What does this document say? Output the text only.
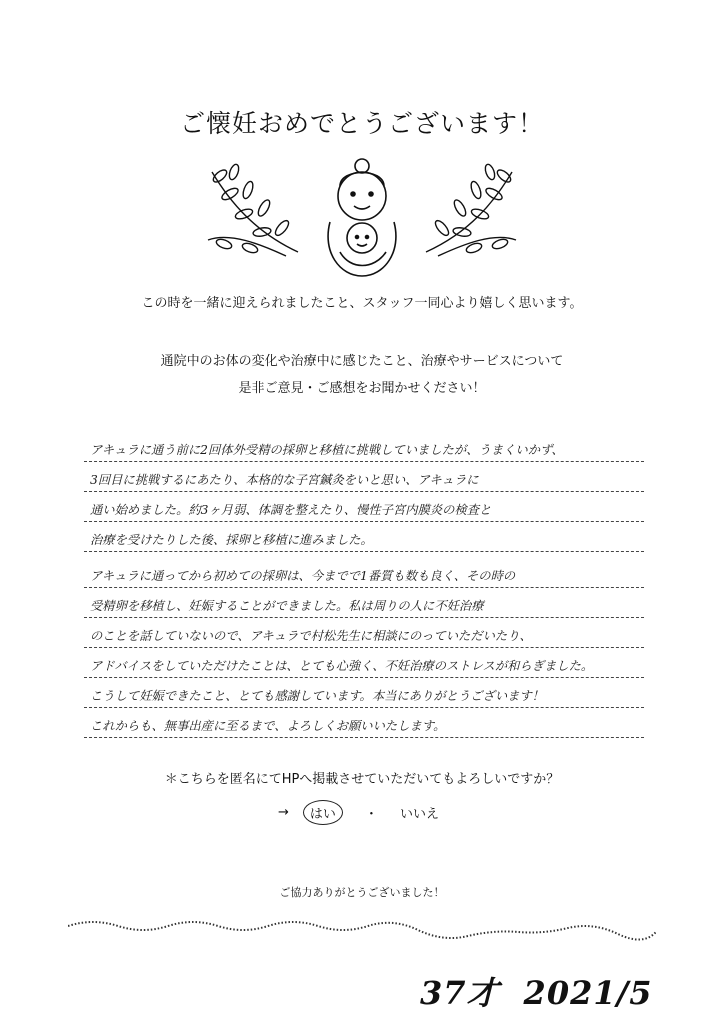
ご懐妊おめでとうございます！
この時を一緒に迎えられましたこと、スタッフ一同心より嬉しく思います。
通院中のお体の変化や治療中に感じたこと、治療やサービスについて
是非ご意見・ご感想をお聞かせください！
アキュラに通う前に2回体外受精の採卵と移植に挑戦していましたが、うまくいかず、
3回目に挑戦するにあたり、本格的な子宮鍼灸をいと思い、アキュラに
通い始めました。約3ヶ月弱、体調を整えたり、慢性子宮内膜炎の検査と
治療を受けたりした後、採卵と移植に進みました。
アキュラに通ってから初めての採卵は、今までで1番質も数も良く、その時の
受精卵を移植し、妊娠することができました。私は周りの人に不妊治療
のことを話していないので、アキュラで村松先生に相談にのっていただいたり、
アドバイスをしていただけたことは、とても心強く、不妊治療のストレスが和らぎました。
こうして妊娠できたこと、とても感謝しています。本当にありがとうございます！
これからも、無事出産に至るまで、よろしくお願いいたします。
＊こちらを匿名にてHPへ掲載させていただいてもよろしいですか？
→	はい	・ いいえ
ご協力ありがとうございました！
37才 2021/5
